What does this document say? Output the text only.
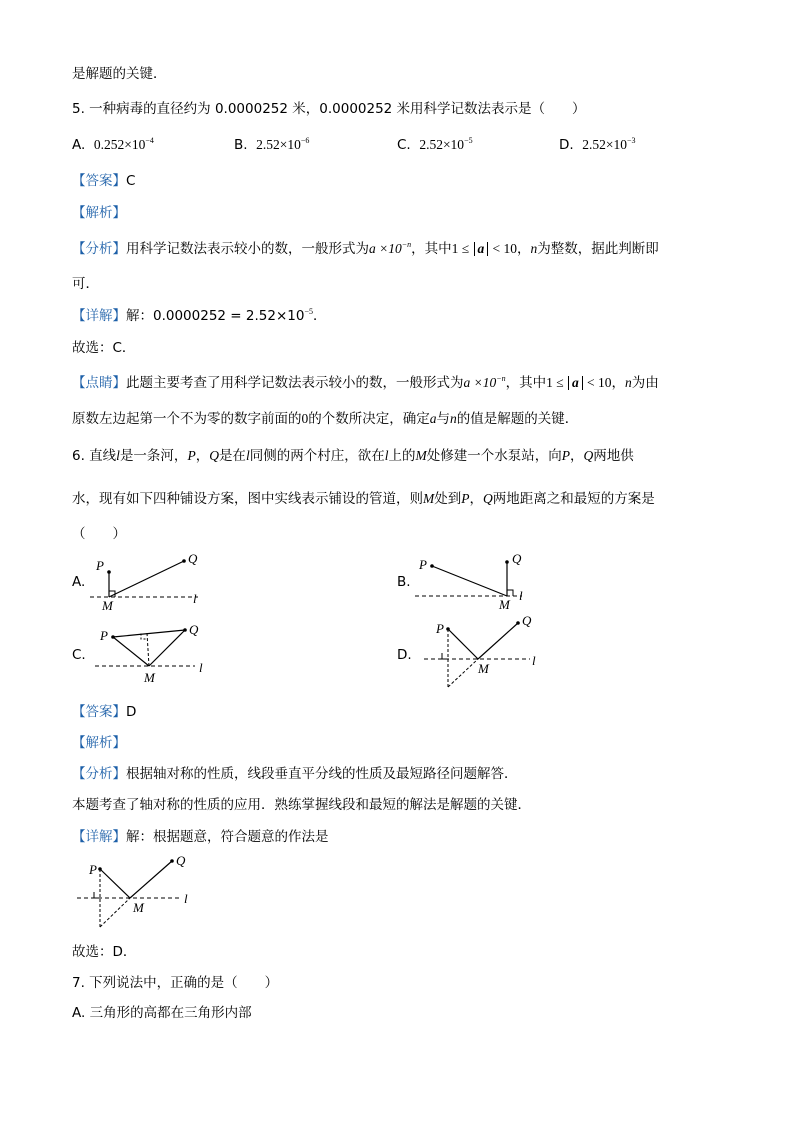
是解题的关键．
5. 一种病毒的直径约为 0.0000252 米，0.0000252 米用科学记数法表示是（　　）
A. $0.252\times 10^{-4}$	B. $2.52\times 10^{-6}$	C. $2.52\times 10^{-5}$	D. $2.52\times 10^{-3}$
【答案】C
【解析】
【分析】用科学记数法表示较小的数，一般形式为$a \times 10^{-n}$，其中1 ≤ a < 10，n为整数，据此判断即
可．
【详解】解：$0.0000252 = 2.52\times 10^{-5}$．
故选：C．
【点睛】此题主要考查了用科学记数法表示较小的数，一般形式为$a \times 10^{-n}$，其中1 ≤ a < 10，n为由
原数左边起第一个不为零的数字前面的0的个数所决定，确定a与n的值是解题的关键．
6. 直线l是一条河，P，Q是在l同侧的两个村庄，欲在l上的M处修建一个水泵站，向P，Q两地供
水，现有如下四种铺设方案，图中实线表示铺设的管道，则M处到P，Q两地距离之和最短的方案是
（　　）
A.	B.
C.	D.
P	Q
M	l
P	Q
M
l
P	Q
M
l
P
Q
M
l
【答案】D
【解析】
【分析】根据轴对称的性质，线段垂直平分线的性质及最短路径问题解答．
本题考查了轴对称的性质的应用．熟练掌握线段和最短的解法是解题的关键．
【详解】解：根据题意，符合题意的作法是
P
Q
M
l
故选：D．
7. 下列说法中，正确的是（　　）
A. 三角形的高都在三角形内部
